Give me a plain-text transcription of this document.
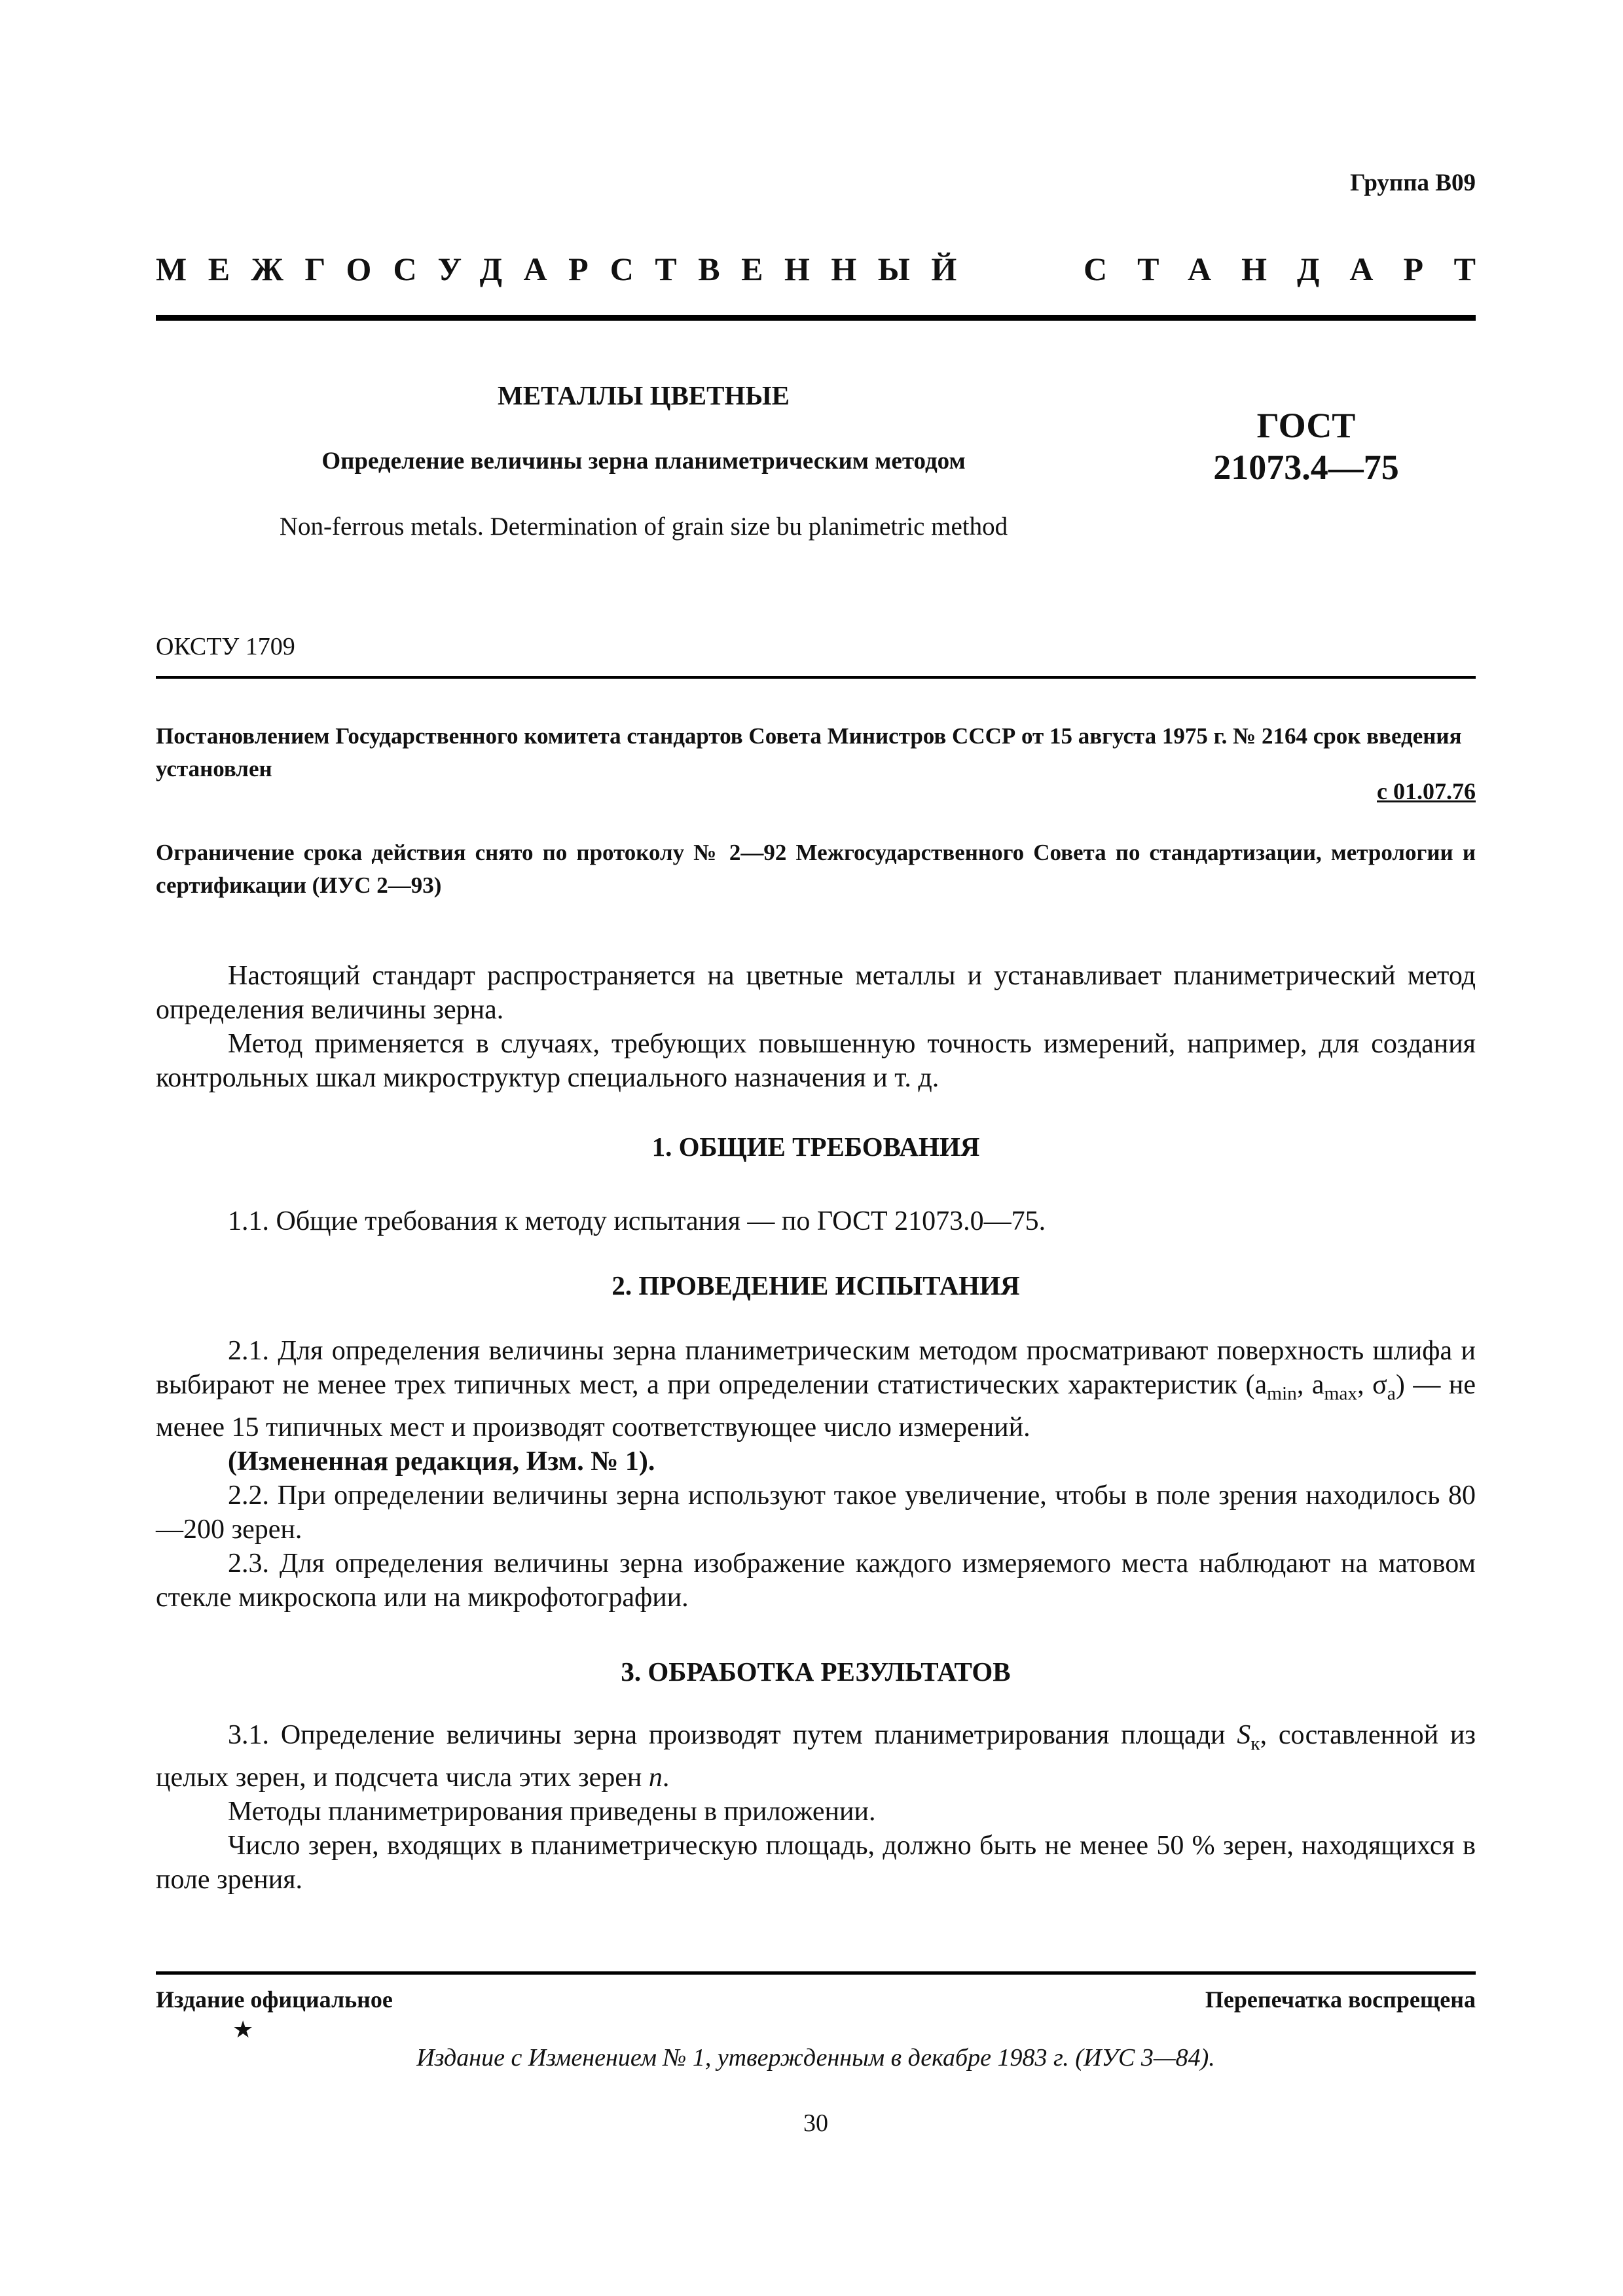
Группа В09
МЕЖГОСУДАРСТВЕННЫЙ	СТАНДАРТ
МЕТАЛЛЫ ЦВЕТНЫЕ
Определение величины зерна планиметрическим методом
Non-ferrous metals. Determination of grain size bu planimetric method
ГОСТ
21073.4—75
ОКСТУ 1709
Постановлением Государственного комитета стандартов Совета Министров СССР от 15 августа 1975 г. № 2164 срок введения установлен
с 01.07.76
Ограничение срока действия снято по протоколу № 2—92 Межгосударственного Совета по стандартизации, метрологии и сертификации (ИУС 2—93)

Настоящий стандарт распространяется на цветные металлы и устанавливает планиметрический метод определения величины зерна.

Метод применяется в случаях, требующих повышенную точность измерений, например, для создания контрольных шкал микроструктур специального назначения и т. д.

1. ОБЩИЕ ТРЕБОВАНИЯ

1.1. Общие требования к методу испытания — по ГОСТ 21073.0—75.

2. ПРОВЕДЕНИЕ ИСПЫТАНИЯ

2.1. Для определения величины зерна планиметрическим методом просматривают поверхность шлифа и выбирают не менее трех типичных мест, а при определении статистических характеристик ($a_{min}$, $a_{max}$, $\sigma_a$) — не менее 15 типичных мест и производят соответствующее число измерений.

(Измененная редакция, Изм. № 1).

2.2. При определении величины зерна используют такое увеличение, чтобы в поле зрения находилось 80—200 зерен.

2.3. Для определения величины зерна изображение каждого измеряемого места наблюдают на матовом стекле микроскопа или на микрофотографии.

3. ОБРАБОТКА РЕЗУЛЬТАТОВ

3.1. Определение величины зерна производят путем планиметрирования площади $S_к$, составленной из целых зерен, и подсчета числа этих зерен n.

Методы планиметрирования приведены в приложении.

Число зерен, входящих в планиметрическую площадь, должно быть не менее 50 % зерен, находящихся в поле зрения.

Издание официальное
★
Перепечатка воспрещена
Издание с Изменением № 1, утвержденным в декабре 1983 г. (ИУС 3—84).
30
